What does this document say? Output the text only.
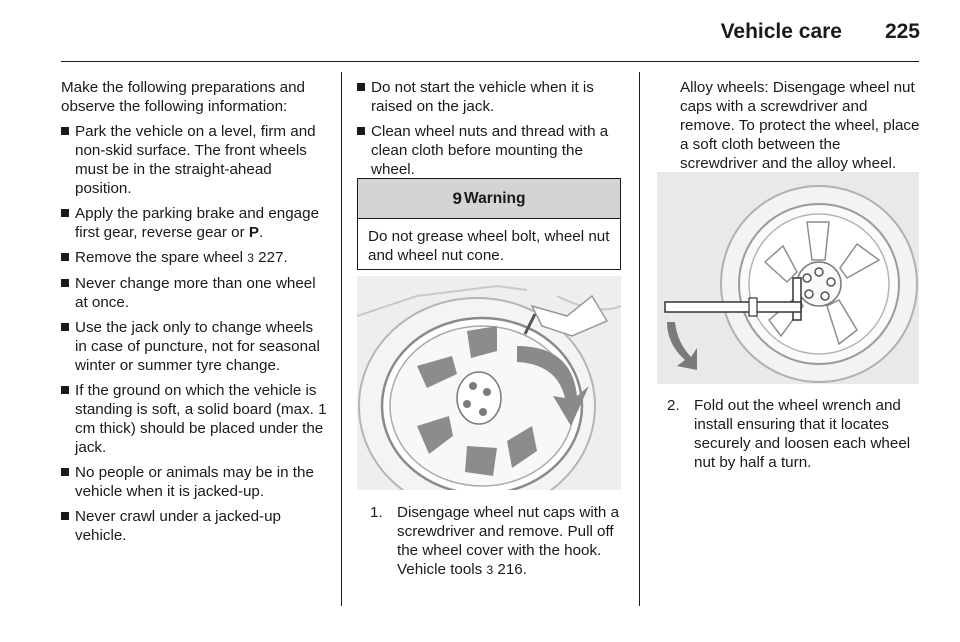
Vehicle care 225

Make the following preparations and observe the following information:

Park the vehicle on a level, firm and non-skid surface. The front wheels must be in the straight-ahead position.
Apply the parking brake and engage first gear, reverse gear or P.
Remove the spare wheel 3 227.
Never change more than one wheel at once.
Use the jack only to change wheels in case of puncture, not for seasonal winter or summer tyre change.
If the ground on which the vehicle is standing is soft, a solid board (max. 1 cm thick) should be placed under the jack.
No people or animals may be in the vehicle when it is jacked-up.
Never crawl under a jacked-up vehicle.
Do not start the vehicle when it is raised on the jack.
Clean wheel nuts and thread with a clean cloth before mounting the wheel.
9 Warning
Do not grease wheel bolt, wheel nut and wheel nut cone.
1. Disengage wheel nut caps with a screwdriver and remove. Pull off the wheel cover with the hook. Vehicle tools 3 216.
Alloy wheels: Disengage wheel nut caps with a screwdriver and remove. To protect the wheel, place a soft cloth between the screwdriver and the alloy wheel.
2. Fold out the wheel wrench and install ensuring that it locates securely and loosen each wheel nut by half a turn.
